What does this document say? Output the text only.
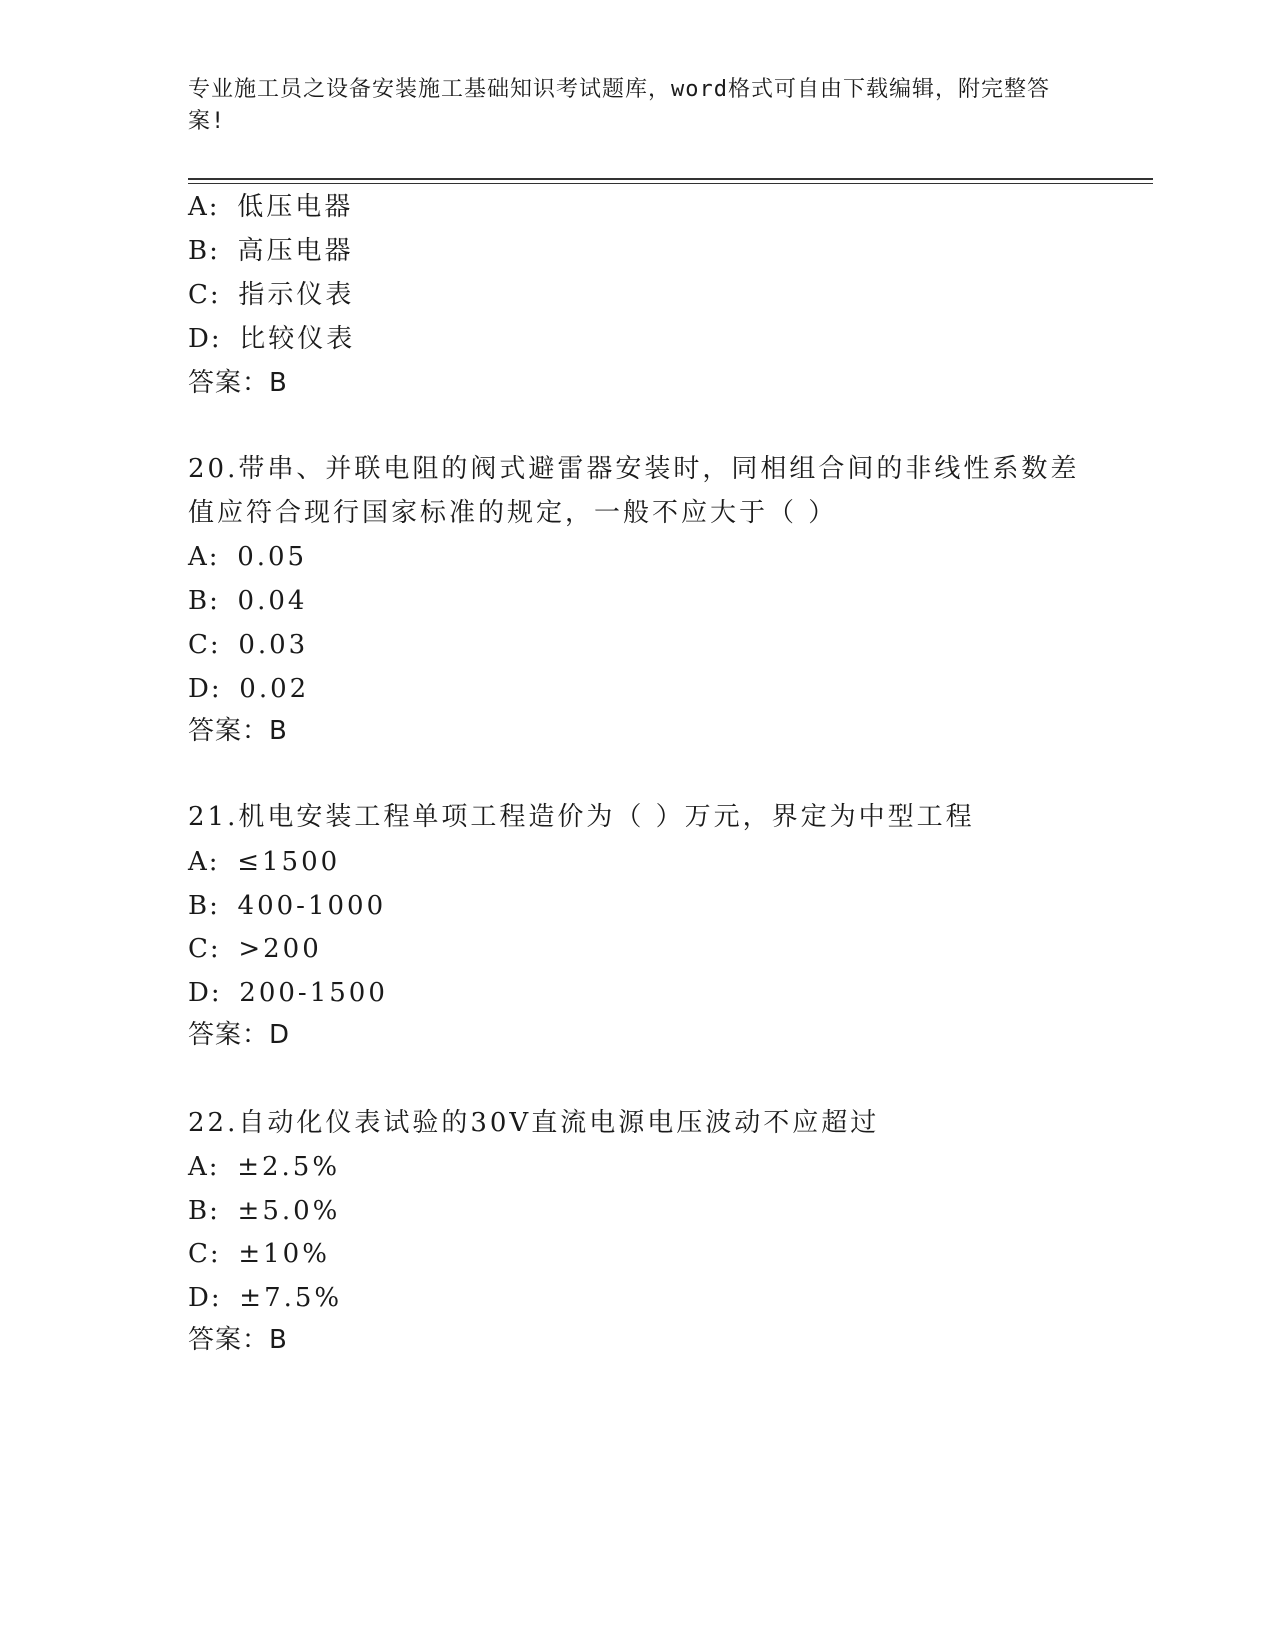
专业施工员之设备安装施工基础知识考试题库，word格式可自由下载编辑，附完整答案!
A: 低压电器
B: 高压电器
C: 指示仪表
D: 比较仪表
答案：B
20.带串、并联电阻的阀式避雷器安装时，同相组合间的非线性系数差
值应符合现行国家标准的规定，一般不应大于（ ）
A: 0.05
B: 0.04
C: 0.03
D: 0.02
答案：B
21.机电安装工程单项工程造价为（ ）万元，界定为中型工程
A: ≤1500
B: 400-1000
C: >200
D: 200-1500
答案：D
22.自动化仪表试验的30V直流电源电压波动不应超过
A: ±2.5%
B: ±5.0%
C: ±10%
D: ±7.5%
答案：B
